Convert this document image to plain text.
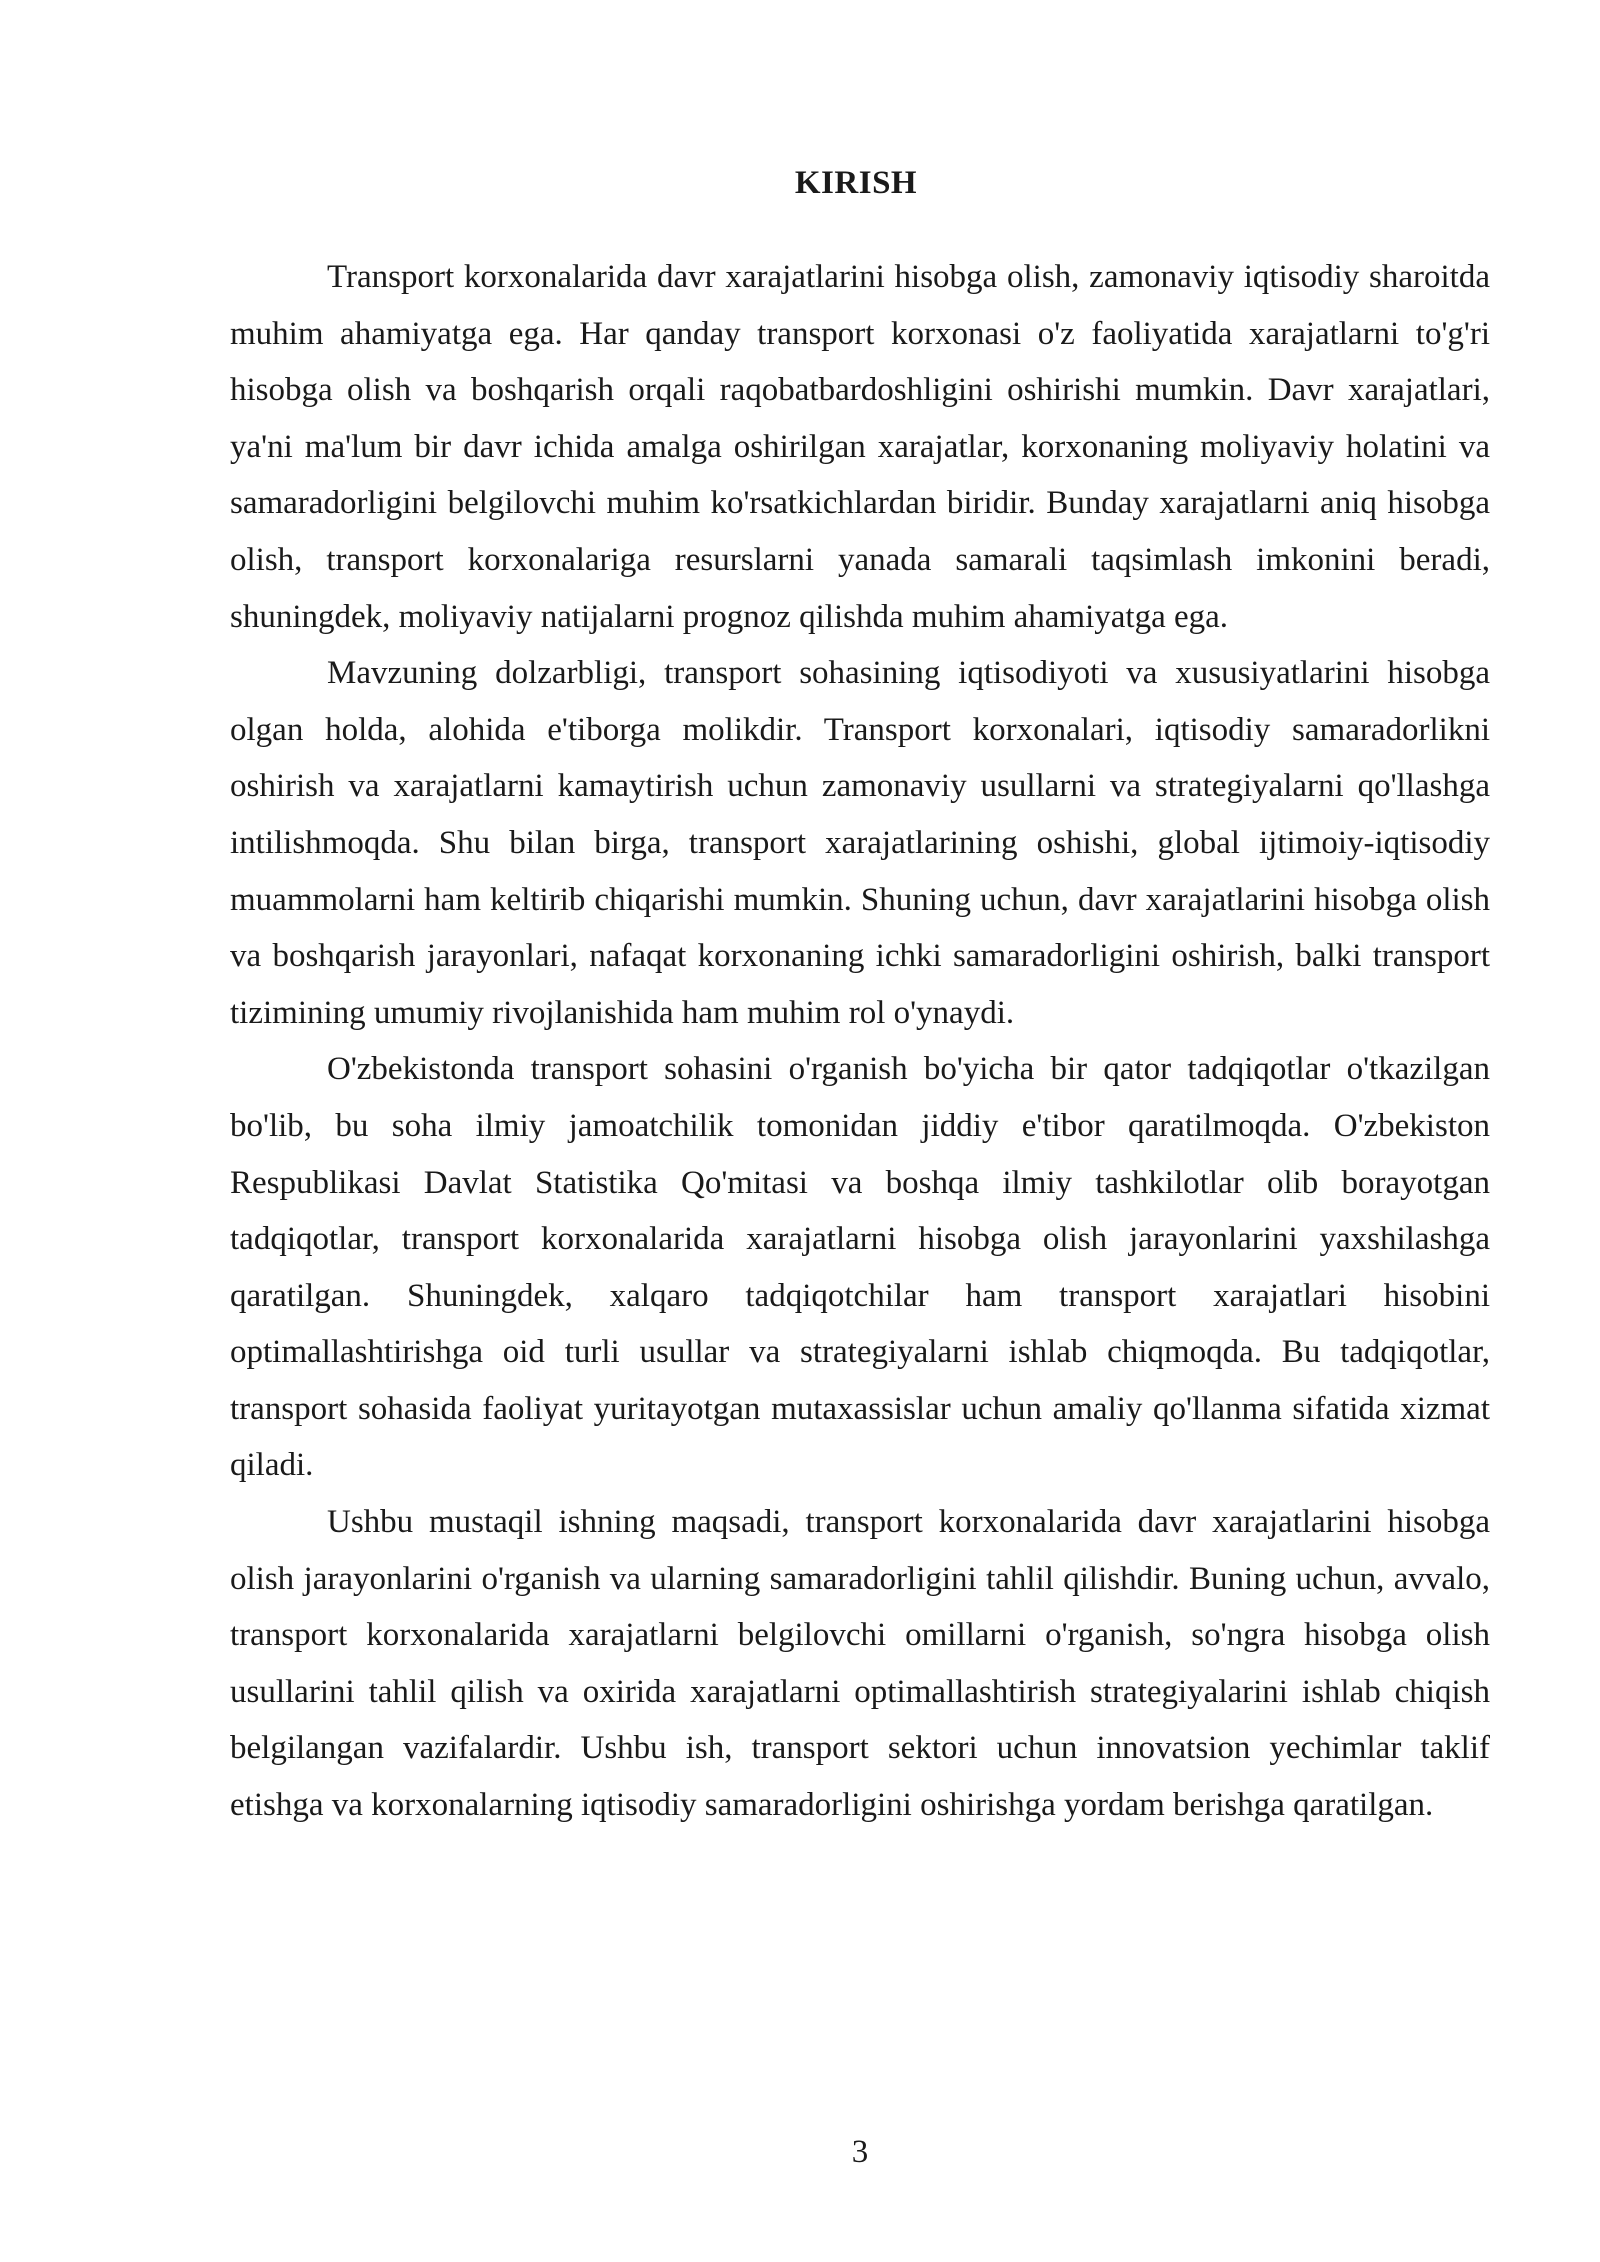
KIRISH

Transport korxonalarida davr xarajatlarini hisobga olish, zamonaviy iqtisodiy sharoitda muhim ahamiyatga ega. Har qanday transport korxonasi o'z faoliyatida xarajatlarni to'g'ri hisobga olish va boshqarish orqali raqobatbardoshligini oshirishi mumkin. Davr xarajatlari, ya'ni ma'lum bir davr ichida amalga oshirilgan xarajatlar, korxonaning moliyaviy holatini va samaradorligini belgilovchi muhim ko'rsatkichlardan biridir. Bunday xarajatlarni aniq hisobga olish, transport korxonalariga resurslarni yanada samarali taqsimlash imkonini beradi, shuningdek, moliyaviy natijalarni prognoz qilishda muhim ahamiyatga ega.

Mavzuning dolzarbligi, transport sohasining iqtisodiyoti va xususiyatlarini hisobga olgan holda, alohida e'tiborga molikdir. Transport korxonalari, iqtisodiy samaradorlikni oshirish va xarajatlarni kamaytirish uchun zamonaviy usullarni va strategiyalarni qo'llashga intilishmoqda. Shu bilan birga, transport xarajatlarining oshishi, global ijtimoiy-iqtisodiy muammolarni ham keltirib chiqarishi mumkin. Shuning uchun, davr xarajatlarini hisobga olish va boshqarish jarayonlari, nafaqat korxonaning ichki samaradorligini oshirish, balki transport tizimining umumiy rivojlanishida ham muhim rol o'ynaydi.

O'zbekistonda transport sohasini o'rganish bo'yicha bir qator tadqiqotlar o'tkazilgan bo'lib, bu soha ilmiy jamoatchilik tomonidan jiddiy e'tibor qaratilmoqda. O'zbekiston Respublikasi Davlat Statistika Qo'mitasi va boshqa ilmiy tashkilotlar olib borayotgan tadqiqotlar, transport korxonalarida xarajatlarni hisobga olish jarayonlarini yaxshilashga qaratilgan. Shuningdek, xalqaro tadqiqotchilar ham transport xarajatlari hisobini optimallashtirishga oid turli usullar va strategiyalarni ishlab chiqmoqda. Bu tadqiqotlar, transport sohasida faoliyat yuritayotgan mutaxassislar uchun amaliy qo'llanma sifatida xizmat qiladi.

Ushbu mustaqil ishning maqsadi, transport korxonalarida davr xarajatlarini hisobga olish jarayonlarini o'rganish va ularning samaradorligini tahlil qilishdir. Buning uchun, avvalo, transport korxonalarida xarajatlarni belgilovchi omillarni o'rganish, so'ngra hisobga olish usullarini tahlil qilish va oxirida xarajatlarni optimallashtirish strategiyalarini ishlab chiqish belgilangan vazifalardir. Ushbu ish, transport sektori uchun innovatsion yechimlar taklif etishga va korxonalarning iqtisodiy samaradorligini oshirishga yordam berishga qaratilgan.

3
